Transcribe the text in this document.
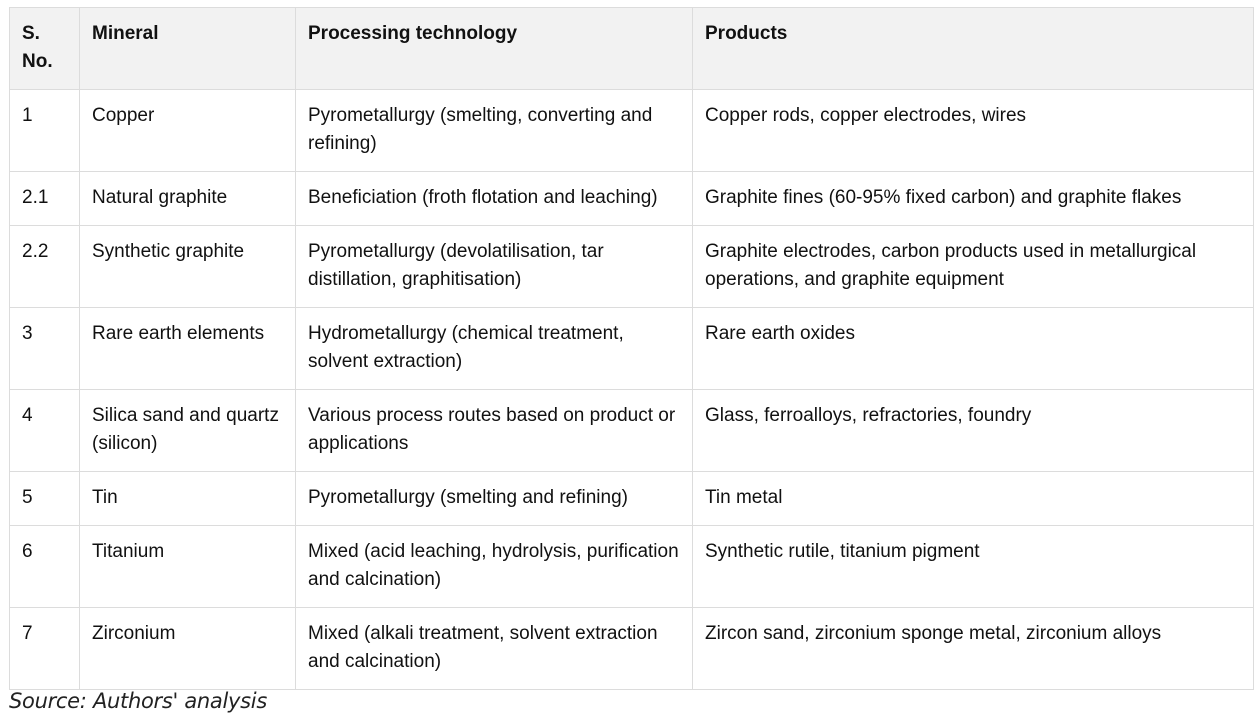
S. No.	Mineral	Processing technology	Products
1	Copper	Pyrometallurgy (smelting, converting and refining)	Copper rods, copper electrodes, wires
2.1	Natural graphite	Beneficiation (froth flotation and leaching)	Graphite fines (60-95% fixed carbon) and graphite flakes
2.2	Synthetic graphite	Pyrometallurgy (devolatilisation, tar distillation, graphitisation)	Graphite electrodes, carbon products used in metallurgical operations, and graphite equipment
3	Rare earth elements	Hydrometallurgy (chemical treatment, solvent extraction)	Rare earth oxides
4	Silica sand and quartz (silicon)	Various process routes based on product or applications	Glass, ferroalloys, refractories, foundry
5	Tin	Pyrometallurgy (smelting and refining)	Tin metal
6	Titanium	Mixed (acid leaching, hydrolysis, purification and calcination)	Synthetic rutile, titanium pigment
7	Zirconium	Mixed (alkali treatment, solvent extraction and calcination)	Zircon sand, zirconium sponge metal, zirconium alloys
Source: Authors' analysis
